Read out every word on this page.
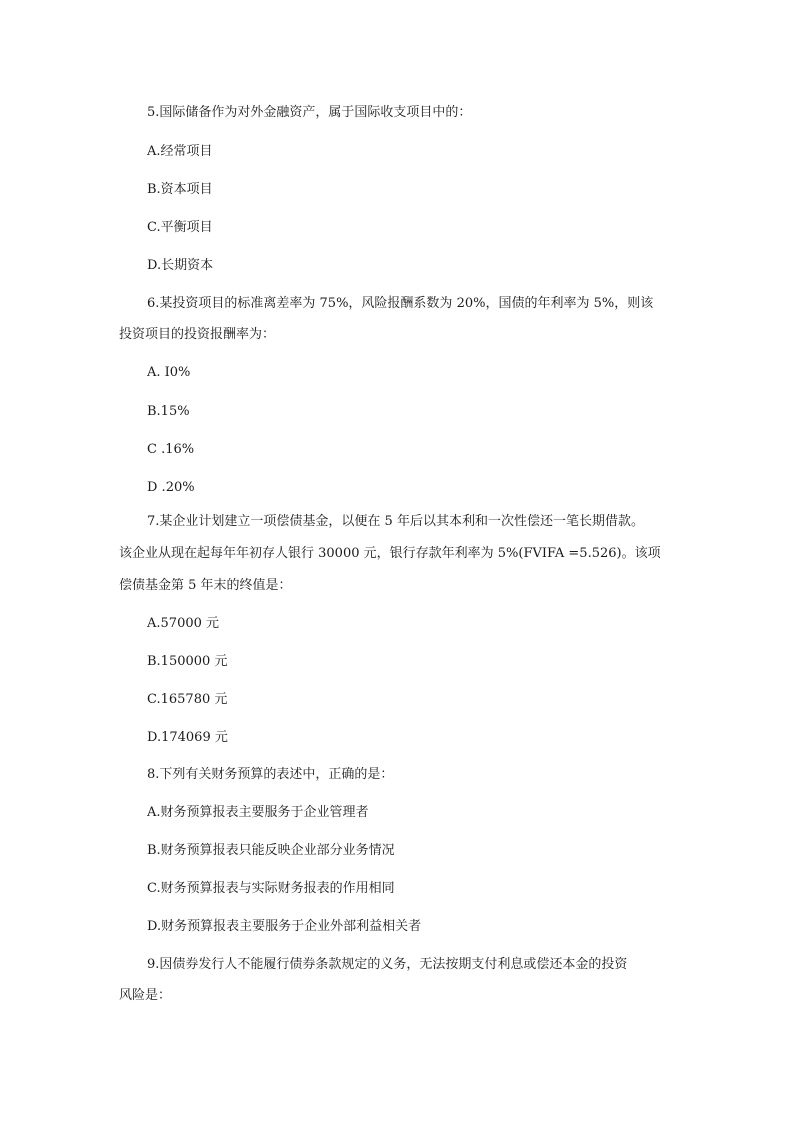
5.国际储备作为对外金融资产，属于国际收支项目中的：
A.经常项目
B.资本项目
C.平衡项目
D.长期资本
6.某投资项目的标准离差率为 75%，风险报酬系数为 20%，国债的年利率为 5%，则该
投资项目的投资报酬率为：
A. I0%
B.15%
C .16%
D .20%
7.某企业计划建立一项偿债基金，以便在 5 年后以其本利和一次性偿还一笔长期借款。
该企业从现在起每年年初存人银行 30000 元，银行存款年利率为 5%(FVIFA =5.526)。该项
偿债基金第 5 年末的终值是：
A.57000 元
B.150000 元
C.165780 元
D.174069 元
8.下列有关财务预算的表述中，正确的是：
A.财务预算报表主要服务于企业管理者
B.财务预算报表只能反映企业部分业务情况
C.财务预算报表与实际财务报表的作用相同
D.财务预算报表主要服务于企业外部利益相关者
9.因债券发行人不能履行债券条款规定的义务，无法按期支付利息或偿还本金的投资
风险是：
